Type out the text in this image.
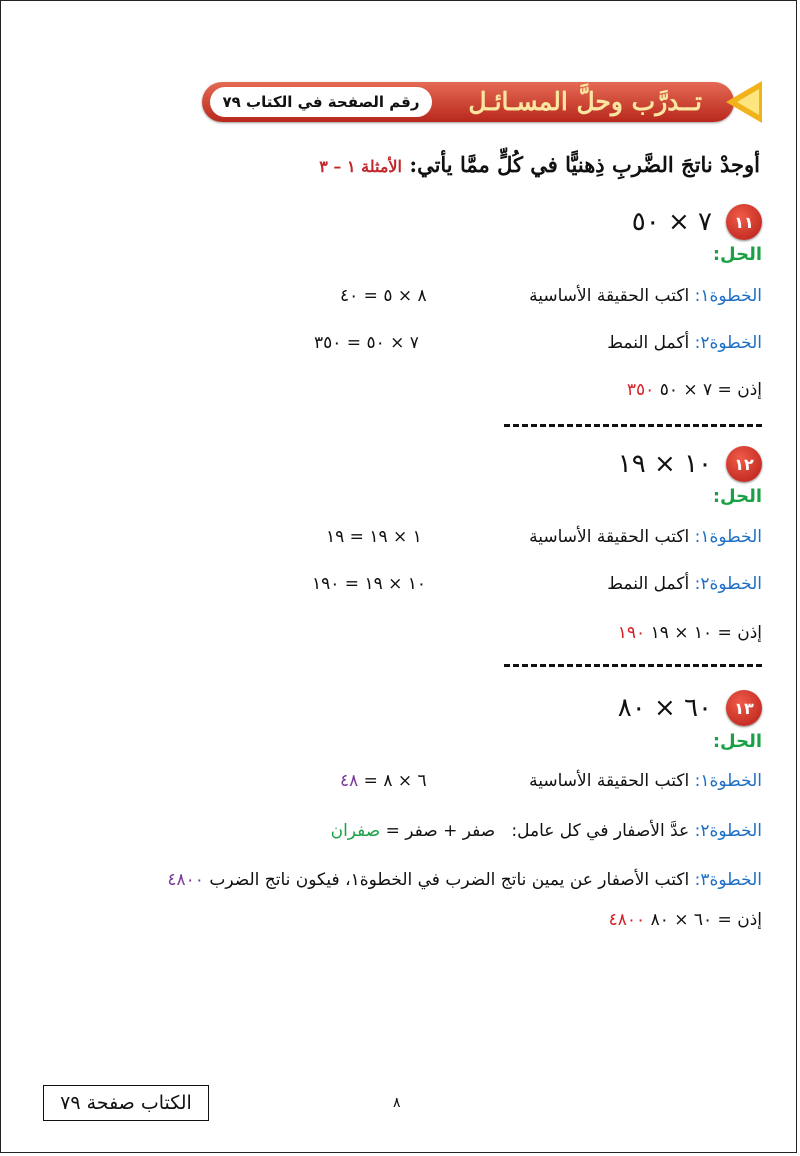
تــدرَّب وحلَّ المسـائـل
رقم الصفحة في الكتاب ٧٩
أوجدْ ناتجَ الضَّربِ ذِهنيًّا في كُلٍّ ممَّا يأتي: الأمثلة ١ – ٣
١١
٧ × ٥٠
الحل:
الخطوة١: اكتب الحقيقة الأساسية
٨ × ٥ = ٤٠
الخطوة٢: أكمل النمط
٧ × ٥٠ = ٣٥٠
إذن ٧ × ٥٠ = ٣٥٠
١٢
١٠ × ١٩
الحل:
الخطوة١: اكتب الحقيقة الأساسية
١ × ١٩ = ١٩
الخطوة٢: أكمل النمط
١٠ × ١٩ = ١٩٠
إذن ١٠ × ١٩ = ١٩٠
١٣
٦٠ × ٨٠
الحل:
الخطوة١: اكتب الحقيقة الأساسية
٦ × ٨ = ٤٨
الخطوة٢: عدَّ الأصفار في كل عامل:   صفر + صفر = صفران
الخطوة٣: اكتب الأصفار عن يمين ناتج الضرب في الخطوة١، فيكون ناتج الضرب ٤٨٠٠
إذن ٦٠ × ٨٠ = ٤٨٠٠
الكتاب صفحة ٧٩	٨
